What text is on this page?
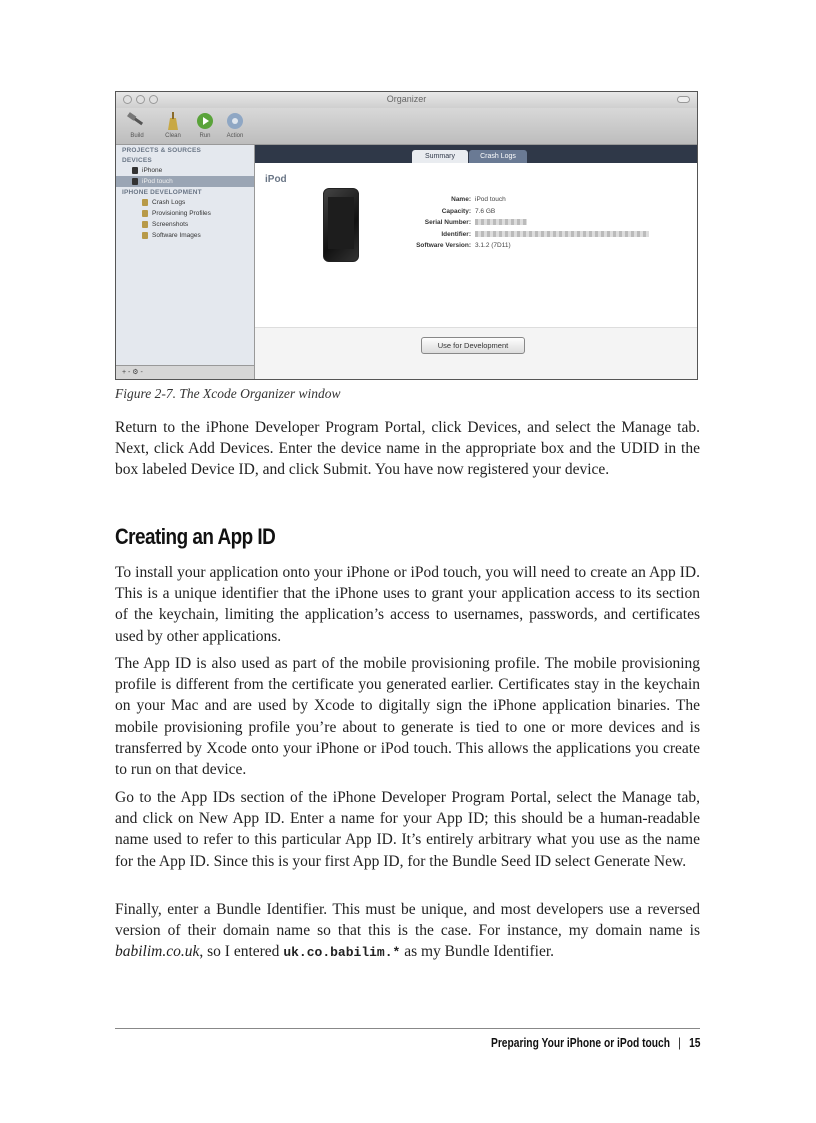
Organizer
Build	Clean	Run	Action
PROJECTS & SOURCES
DEVICES
iPhone
iPod touch
IPHONE DEVELOPMENT
Crash Logs
Provisioning Profiles
Screenshots
Software Images
+ - ⚙ -
Summary	Crash Logs
iPod
Name: iPod touch
Capacity: 7.6 GB
Serial Number:
Identifier:
Software Version: 3.1.2 (7D11)
Use for Development
Figure 2-7. The Xcode Organizer window

Return to the iPhone Developer Program Portal, click Devices, and select the Manage tab. Next, click Add Devices. Enter the device name in the appropriate box and the UDID in the box labeled Device ID, and click Submit. You have now registered your device.

Creating an App ID

To install your application onto your iPhone or iPod touch, you will need to create an App ID. This is a unique identifier that the iPhone uses to grant your application access to its section of the keychain, limiting the application’s access to usernames, passwords, and certificates used by other applications.

The App ID is also used as part of the mobile provisioning profile. The mobile provisioning profile is different from the certificate you generated earlier. Certificates stay in the keychain on your Mac and are used by Xcode to digitally sign the iPhone application binaries. The mobile provisioning profile you’re about to generate is tied to one or more devices and is transferred by Xcode onto your iPhone or iPod touch. This allows the applications you create to run on that device.

Go to the App IDs section of the iPhone Developer Program Portal, select the Manage tab, and click on New App ID. Enter a name for your App ID; this should be a human-readable name used to refer to this particular App ID. It’s entirely arbitrary what you use as the name for the App ID. Since this is your first App ID, for the Bundle Seed ID select Generate New.

Finally, enter a Bundle Identifier. This must be unique, and most developers use a reversed version of their domain name so that this is the case. For instance, my domain name is babilim.co.uk, so I entered uk.co.babilim.* as my Bundle Identifier.

Preparing Your iPhone or iPod touch | 15
